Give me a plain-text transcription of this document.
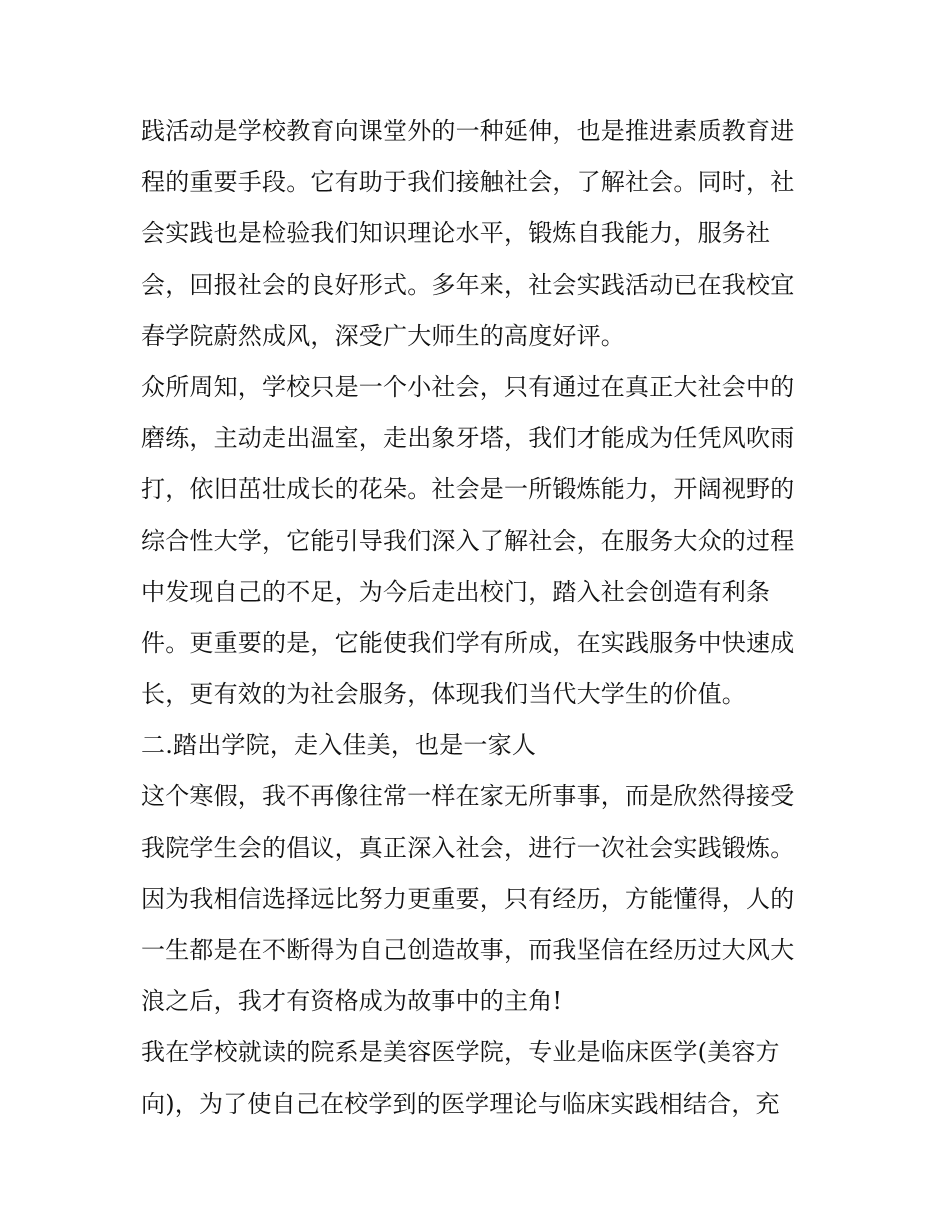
践活动是学校教育向课堂外的一种延伸，也是推进素质教育进
程的重要手段。它有助于我们接触社会，了解社会。同时，社
会实践也是检验我们知识理论水平，锻炼自我能力，服务社
会，回报社会的良好形式。多年来，社会实践活动已在我校宜
春学院蔚然成风，深受广大师生的高度好评。
众所周知，学校只是一个小社会，只有通过在真正大社会中的
磨练，主动走出温室，走出象牙塔，我们才能成为任凭风吹雨
打，依旧茁壮成长的花朵。社会是一所锻炼能力，开阔视野的
综合性大学，它能引导我们深入了解社会，在服务大众的过程
中发现自己的不足，为今后走出校门，踏入社会创造有利条
件。更重要的是，它能使我们学有所成，在实践服务中快速成
长，更有效的为社会服务，体现我们当代大学生的价值。
二.踏出学院，走入佳美，也是一家人
这个寒假，我不再像往常一样在家无所事事，而是欣然得接受
我院学生会的倡议，真正深入社会，进行一次社会实践锻炼。
因为我相信选择远比努力更重要，只有经历，方能懂得，人的
一生都是在不断得为自己创造故事，而我坚信在经历过大风大
浪之后，我才有资格成为故事中的主角!
我在学校就读的院系是美容医学院，专业是临床医学(美容方
向)，为了使自己在校学到的医学理论与临床实践相结合，充
